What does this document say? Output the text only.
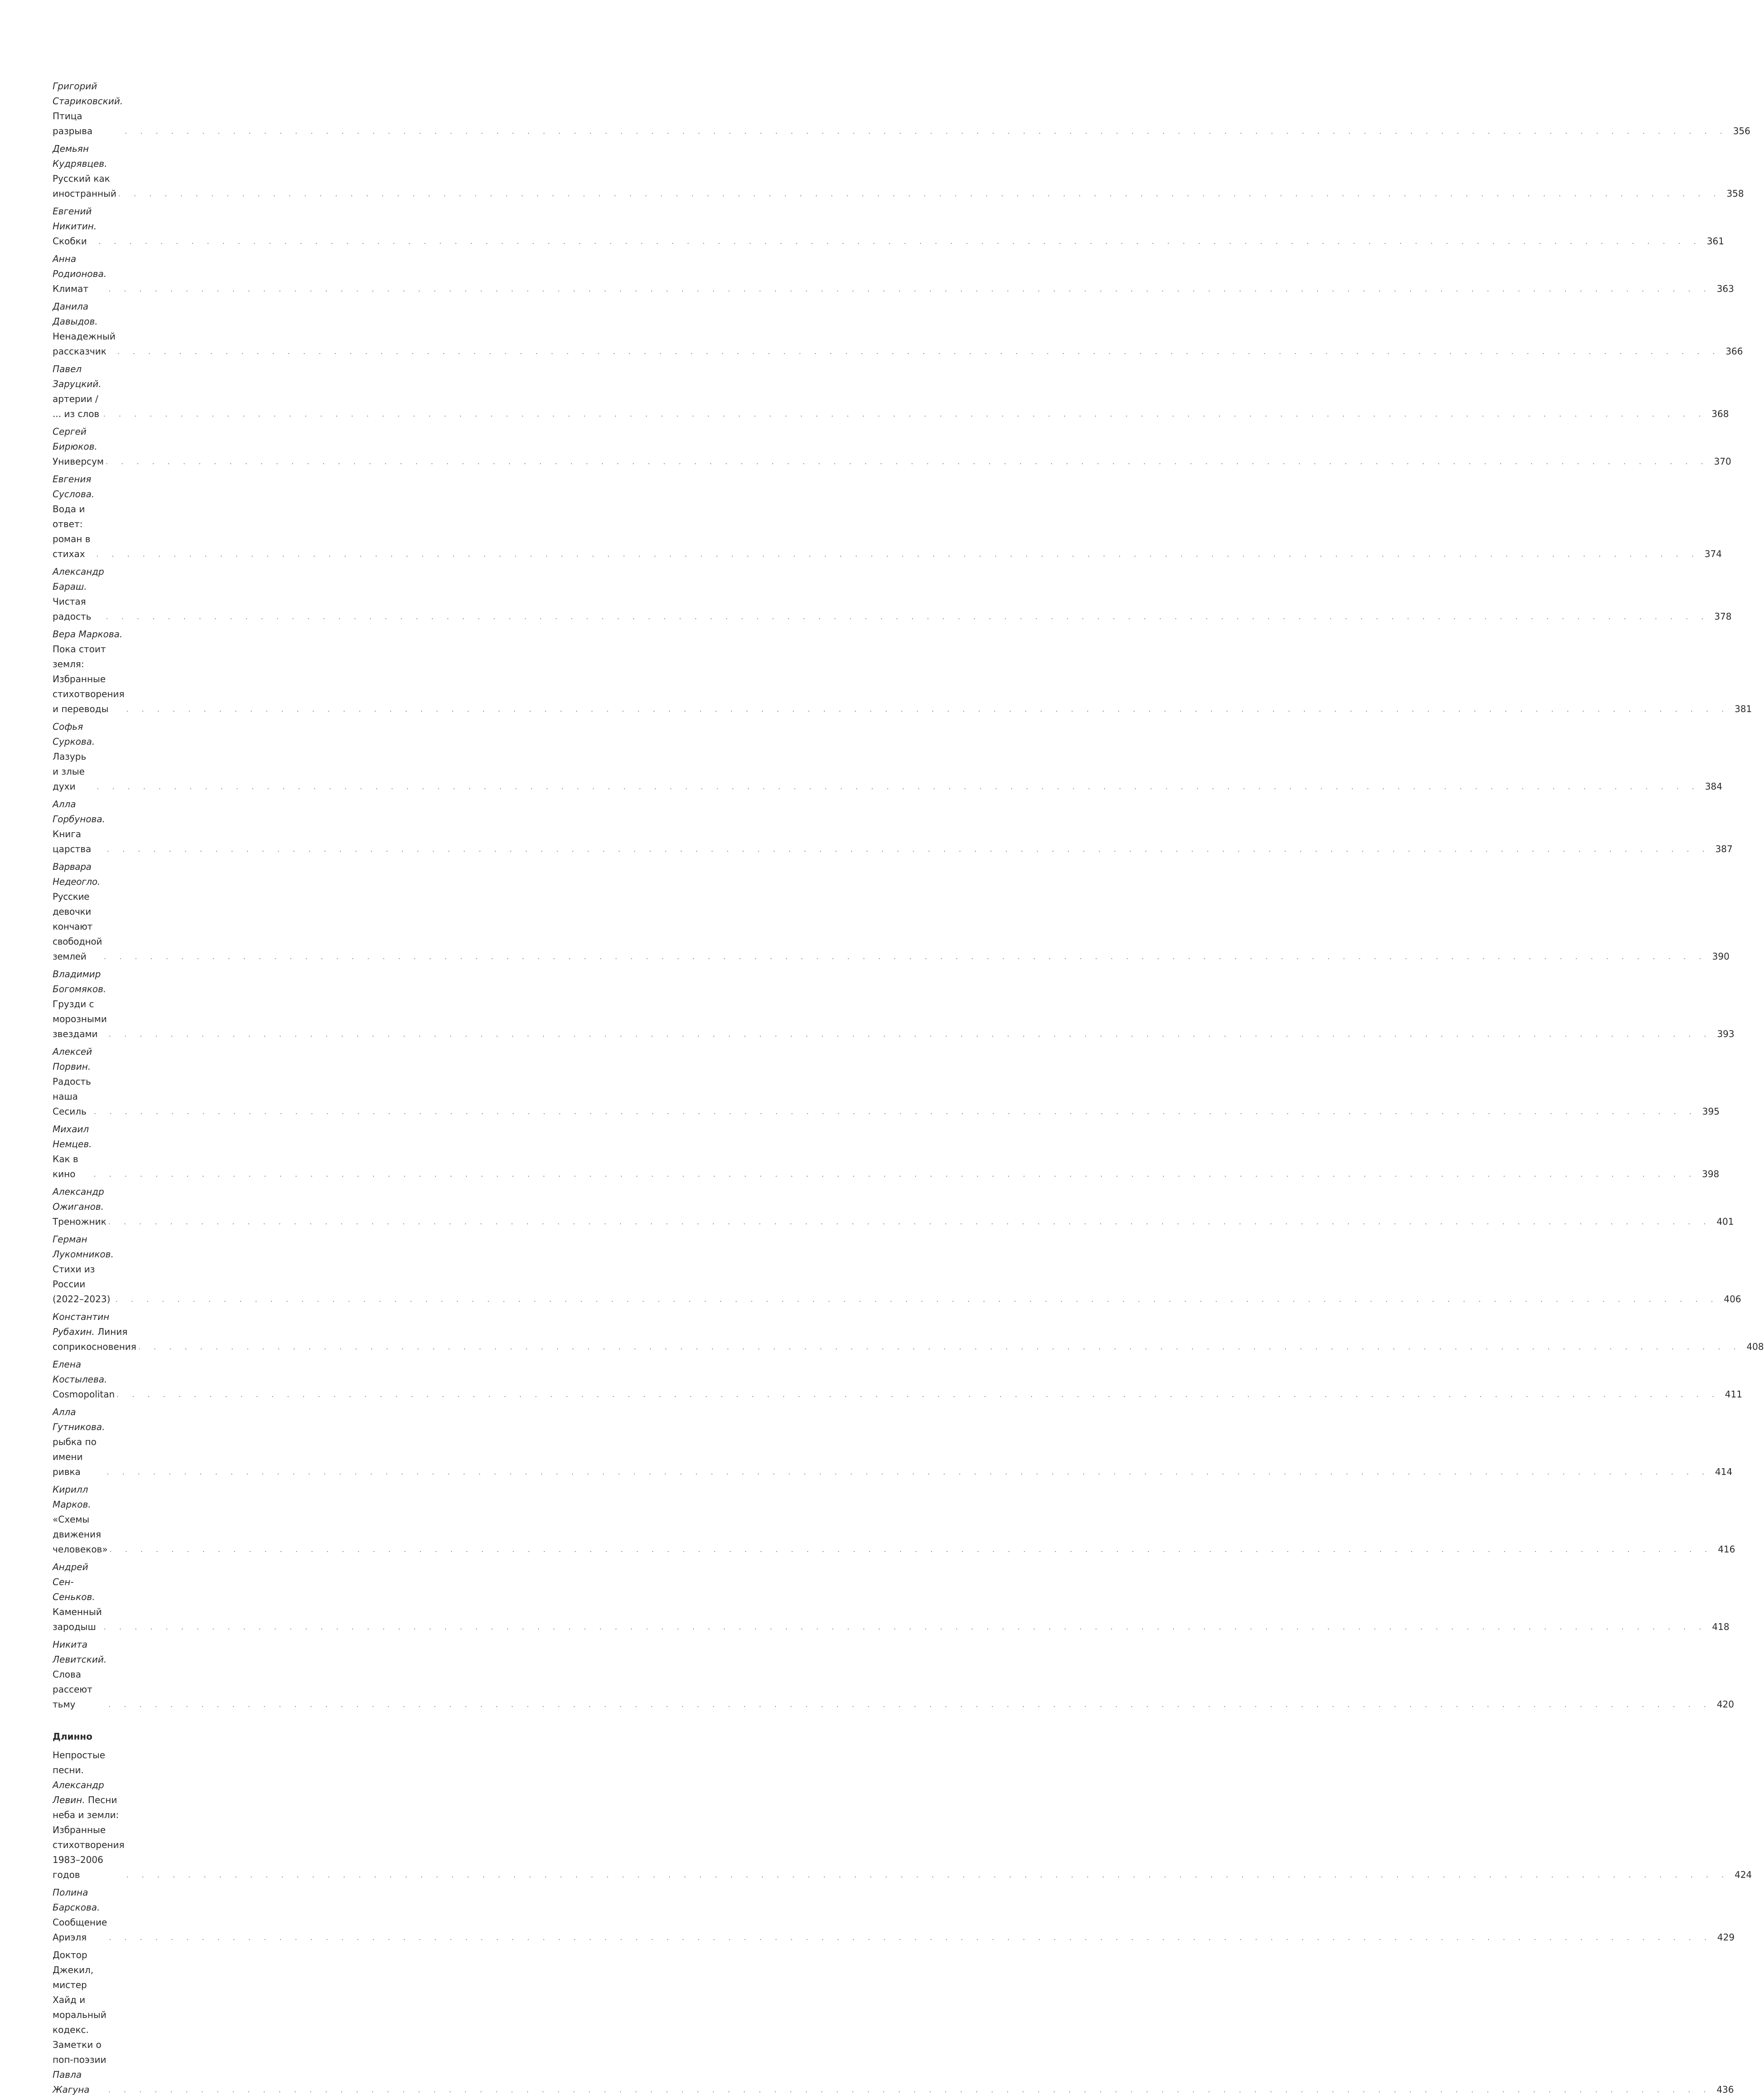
Григорий Стариковский. Птица разрыва . . .	356
Демьян Кудрявцев. Русский как иностранный . . .	358
Евгений Никитин. Скобки . . .	361
Анна Родионова. Климат . . .	363
Данила Давыдов. Ненадежный рассказчик . . .	366
Павел Заруцкий. артерии / ... из слов . . .	368
Сергей Бирюков. Универсум . . .	370
Евгения Суслова. Вода и ответ: роман в стихах . . .	374
Александр Бараш. Чистая радость . . .	378
Вера Маркова. Пока стоит земля:
Избранные стихотворения и переводы . . .	381
Софья Суркова. Лазурь и злые духи . . .	384
Алла Горбунова. Книга царства . . .	387
Варвара Недеогло. Русские девочки кончают свободной землей . . .	390
Владимир Богомяков. Грузди с морозными звездами . . .	393
Алексей Порвин. Радость наша Сесиль . . .	395
Михаил Немцев. Как в кино . . .	398
Александр Ожиганов. Треножник . . .	401
Герман Лукомников. Стихи из России (2022–2023) . . .	406
Константин Рубахин. Линия соприкосновения . . .	408
Елена Костылева. Cosmopolitan . . .	411
Алла Гутникова. рыбка по имени ривка . . .	414
Кирилл Марков. «Схемы движения человеков» . . .	416
Андрей Сен-Сеньков. Каменный зародыш . . .	418
Никита Левитский. Слова рассеют тьму . . .	420
Длинно
Непростые песни. Александр Левин. Песни неба и земли:
Избранные стихотворения 1983–2006 годов . . .	424
Полина Барскова. Сообщение Ариэля . . .	429
Доктор Джекил, мистер Хайд и моральный кодекс.
Заметки о поп-поэзии Павла Жагуна . . .	436
